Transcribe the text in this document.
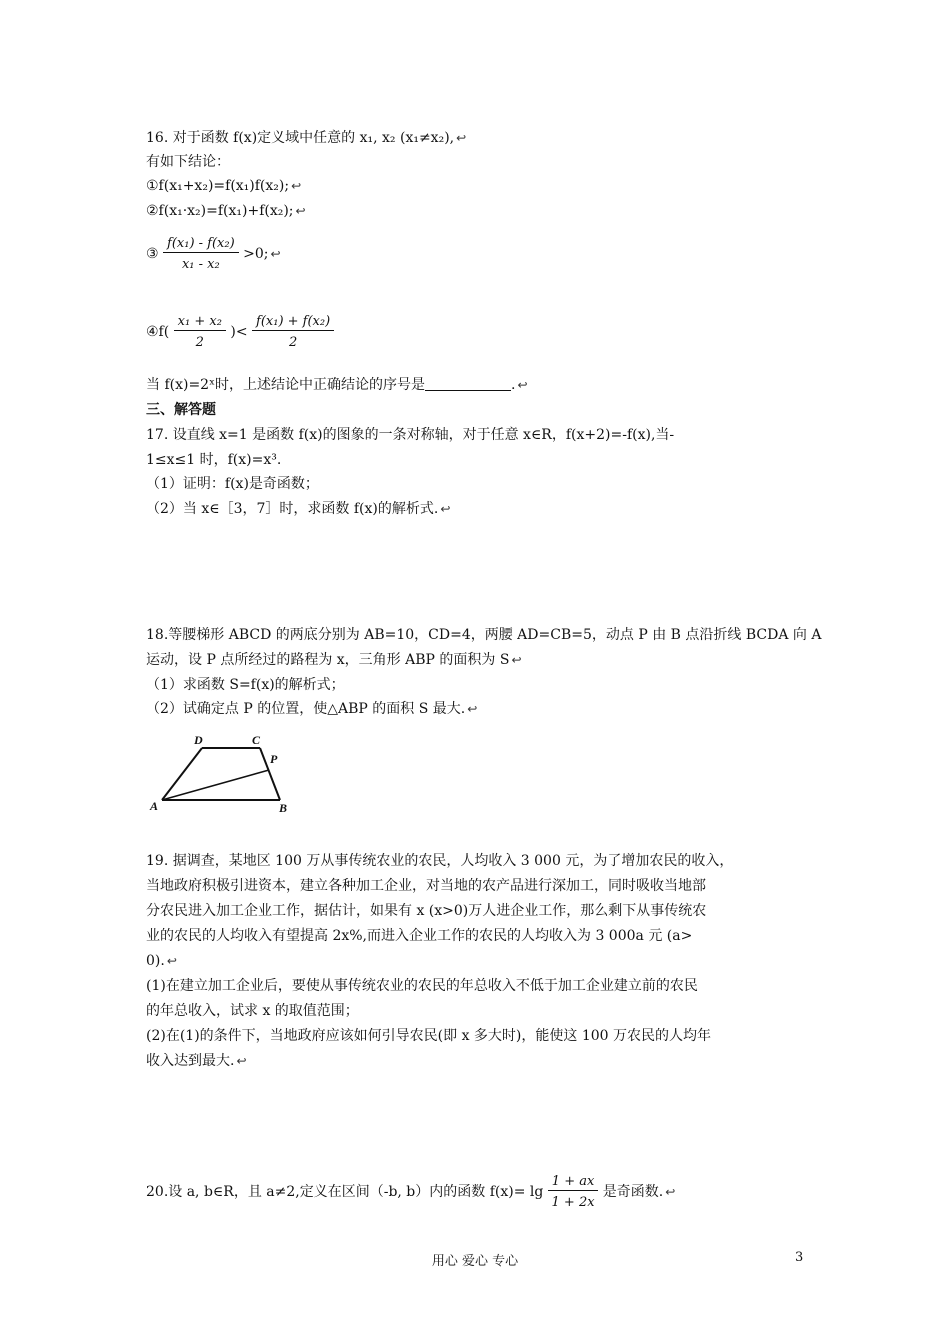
16. 对于函数 f(x)定义域中任意的 x₁, x₂ (x₁≠x₂), ↩
有如下结论：
①f(x₁+x₂)=f(x₁)f(x₂); ↩
②f(x₁·x₂)=f(x₁)+f(x₂); ↩
③ $\frac{\text{f(x₁) - f(x₂)}}{\text{x₁ - x₂}} >0$; ↩
④f( $\frac{\text{x₁ + x₂}}{2}$ )< $\frac{\text{f(x₁) + f(x₂)}}{2}$
当 f(x)=2ˣ时，上述结论中正确结论的序号是	. ↩
三、解答题
17. 设直线 x=1 是函数 f(x)的图象的一条对称轴，对于任意 x∈R，f(x+2)=-f(x),当-
1≤x≤1 时，f(x)=x³.
（1）证明：f(x)是奇函数；
（2）当 x∈［3，7］时，求函数 f(x)的解析式. ↩
18.等腰梯形 ABCD 的两底分别为 AB=10，CD=4，两腰 AD=CB=5，动点 P 由 B 点沿折线 BCDA 向 A
运动，设 P 点所经过的路程为 x，三角形 ABP 的面积为 S ↩
（1）求函数 S=f(x)的解析式；
（2）试确定点 P 的位置，使△ABP 的面积 S 最大. ↩
A	B
C
D
P
19. 据调查，某地区 100 万从事传统农业的农民，人均收入 3 000 元，为了增加农民的收入，
当地政府积极引进资本，建立各种加工企业，对当地的农产品进行深加工，同时吸收当地部
分农民进入加工企业工作，据估计，如果有 x (x>0)万人进企业工作，那么剩下从事传统农
业的农民的人均收入有望提高 2x%,而进入企业工作的农民的人均收入为 3 000a 元 (a>
0). ↩
(1)在建立加工企业后，要使从事传统农业的农民的年总收入不低于加工企业建立前的农民
的年总收入，试求 x 的取值范围；
(2)在(1)的条件下，当地政府应该如何引导农民(即 x 多大时)，能使这 100 万农民的人均年
收入达到最大. ↩
20.设 a, b∈R，且 a≠2,定义在区间（-b, b）内的函数 $f(x)= \lg \frac{1 + ax}{1 + 2x}$ 是奇函数. ↩
用心 爱心 专心	3
